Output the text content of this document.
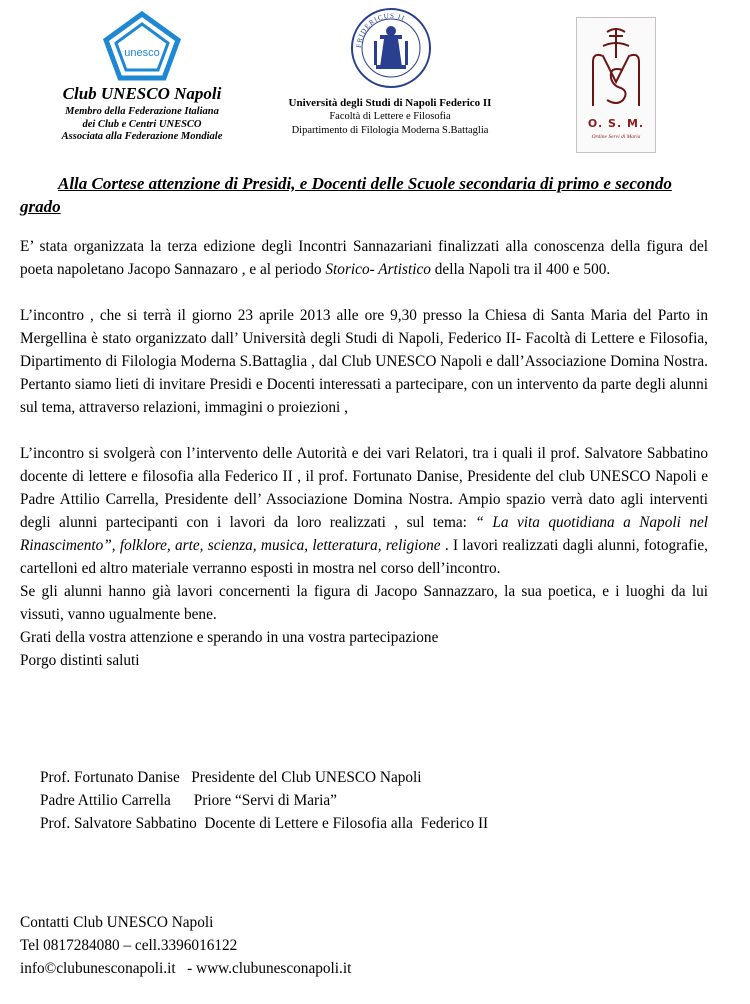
unesco
Club UNESCO Napoli
Membro della Federazione Italiana
dei Club e Centri UNESCO
Associata alla Federazione Mondiale
FRIDERICUS II
Università degli Studi di Napoli Federico II
Facoltà di Lettere e Filosofia
Dipartimento di Filologia Moderna S.Battaglia
O. S. M.
Ordine Servi di Maria
Alla Cortese attenzione di Presidi, e Docenti delle Scuole secondaria di primo e secondo grado

E’ stata organizzata la terza edizione degli Incontri Sannazariani finalizzati alla conoscenza della figura del poeta napoletano Jacopo Sannazaro , e al periodo Storico- Artistico della Napoli tra il 400 e 500.

L’incontro , che si terrà il giorno 23 aprile 2013 alle ore 9,30 presso la Chiesa di Santa Maria del Parto in Mergellina è stato organizzato dall’ Università degli Studi di Napoli, Federico II- Facoltà di Lettere e Filosofia, Dipartimento di Filologia Moderna S.Battaglia , dal Club UNESCO Napoli e dall’Associazione Domina Nostra. Pertanto siamo lieti di invitare Presidi e Docenti interessati a partecipare, con un intervento da parte degli alunni sul tema, attraverso relazioni, immagini o proiezioni ,

L’incontro si svolgerà con l’intervento delle Autorità e dei vari Relatori, tra i quali il prof. Salvatore Sabbatino docente di lettere e filosofia alla Federico II , il prof. Fortunato Danise, Presidente del club UNESCO Napoli e Padre Attilio Carrella, Presidente dell’ Associazione Domina Nostra. Ampio spazio verrà dato agli interventi degli alunni partecipanti con i lavori da loro realizzati , sul tema: “ La vita quotidiana a Napoli nel Rinascimento”, folklore, arte, scienza, musica, letteratura, religione . I lavori realizzati dagli alunni, fotografie, cartelloni ed altro materiale verranno esposti in mostra nel corso dell’incontro.

Se gli alunni hanno già lavori concernenti la figura di Jacopo Sannazzaro, la sua poetica, e i luoghi da lui vissuti, vanno ugualmente bene.

Grati della vostra attenzione e sperando in una vostra partecipazione

Porgo distinti saluti

Prof. Fortunato Danise   Presidente del Club UNESCO Napoli
Padre Attilio Carrella      Priore “Servi di Maria”
Prof. Salvatore Sabbatino  Docente di Lettere e Filosofia alla  Federico II
Contatti Club UNESCO Napoli
Tel 0817284080 – cell.3396016122
info©clubunesconapoli.it   - www.clubunesconapoli.it
